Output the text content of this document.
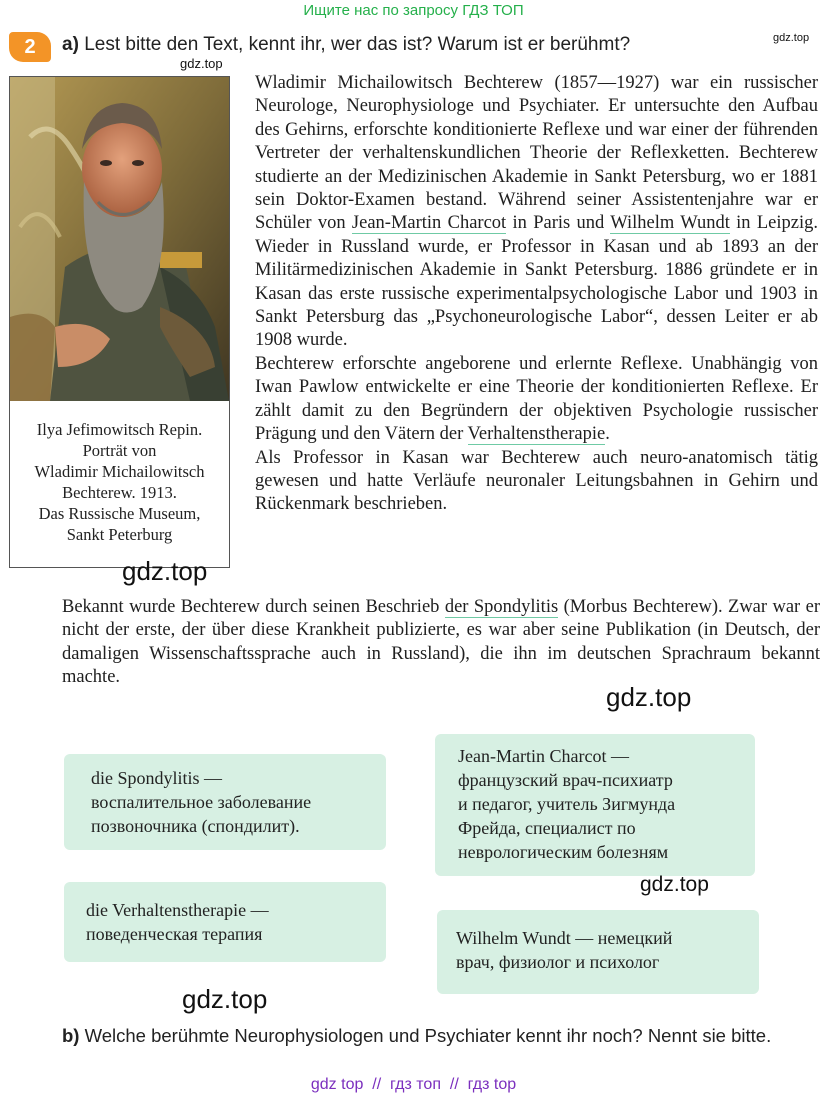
Ищите нас по запросу ГДЗ ТОП
2	a) Lest bitte den Text, kennt ihr, wer das ist? Warum ist er berühmt?	gdz.top
gdz.top
Ilya Jefimowitsch Repin.
Porträt von
Wladimir Michailowitsch
Bechterew. 1913.
Das Russische Museum,
Sankt Peterburg

Wladimir Michailowitsch Bechterew (1857—1927) war ein russischer Neurologe, Neurophysiologe und Psychiater. Er untersuchte den Aufbau des Gehirns, erforschte konditionierte Reflexe und war einer der führenden Vertreter der verhaltenskundlichen Theorie der Reflexketten. Bechterew studierte an der Medizinischen Akademie in Sankt Petersburg, wo er 1881 sein Doktor-Examen bestand. Während seiner Assistentenjahre war er Schüler von Jean-Martin Charcot in Paris und Wilhelm Wundt in Leipzig. Wieder in Russland wurde, er Professor in Kasan und ab 1893 an der Militärmedizinischen Akademie in Sankt Petersburg. 1886 gründete er in Kasan das erste russische experimentalpsychologische Labor und 1903 in Sankt Petersburg das „Psychoneurologische Labor“, dessen Leiter er ab 1908 wurde.

Bechterew erforschte angeborene und erlernte Reflexe. Unabhängig von Iwan Pawlow entwickelte er eine Theorie der konditionierten Reflexe. Er zählt damit zu den Begründern der objektiven Psychologie russischer Prägung und den Vätern der Verhaltenstherapie.

Als Professor in Kasan war Bechterew auch neuro-anatomisch tätig gewesen und hatte Verläufe neuronaler Leitungsbahnen in Gehirn und Rückenmark beschrieben.

gdz.top

Bekannt wurde Bechterew durch seinen Beschrieb der Spondylitis (Morbus Bechterew). Zwar war er nicht der erste, der über diese Krankheit publizierte, es war aber seine Publikation (in Deutsch, der damaligen Wissenschaftssprache auch in Russland), die ihn im deutschen Sprachraum bekannt machte.

gdz.top
die Spondylitis —
воспалительное заболевание
позвоночника (спондилит).
Jean-Martin Charcot —
французский врач-психиатр
и педагог, учитель Зигмунда
Фрейда, специалист по
неврологическим болезням
gdz.top
die Verhaltenstherapie —
поведенческая терапия	Wilhelm Wundt — немецкий
врач, физиолог и психолог
gdz.top
b) Welche berühmte Neurophysiologen und Psychiater kennt ihr noch? Nennt sie bitte.
gdz top  //  гдз топ  //  гдз top
